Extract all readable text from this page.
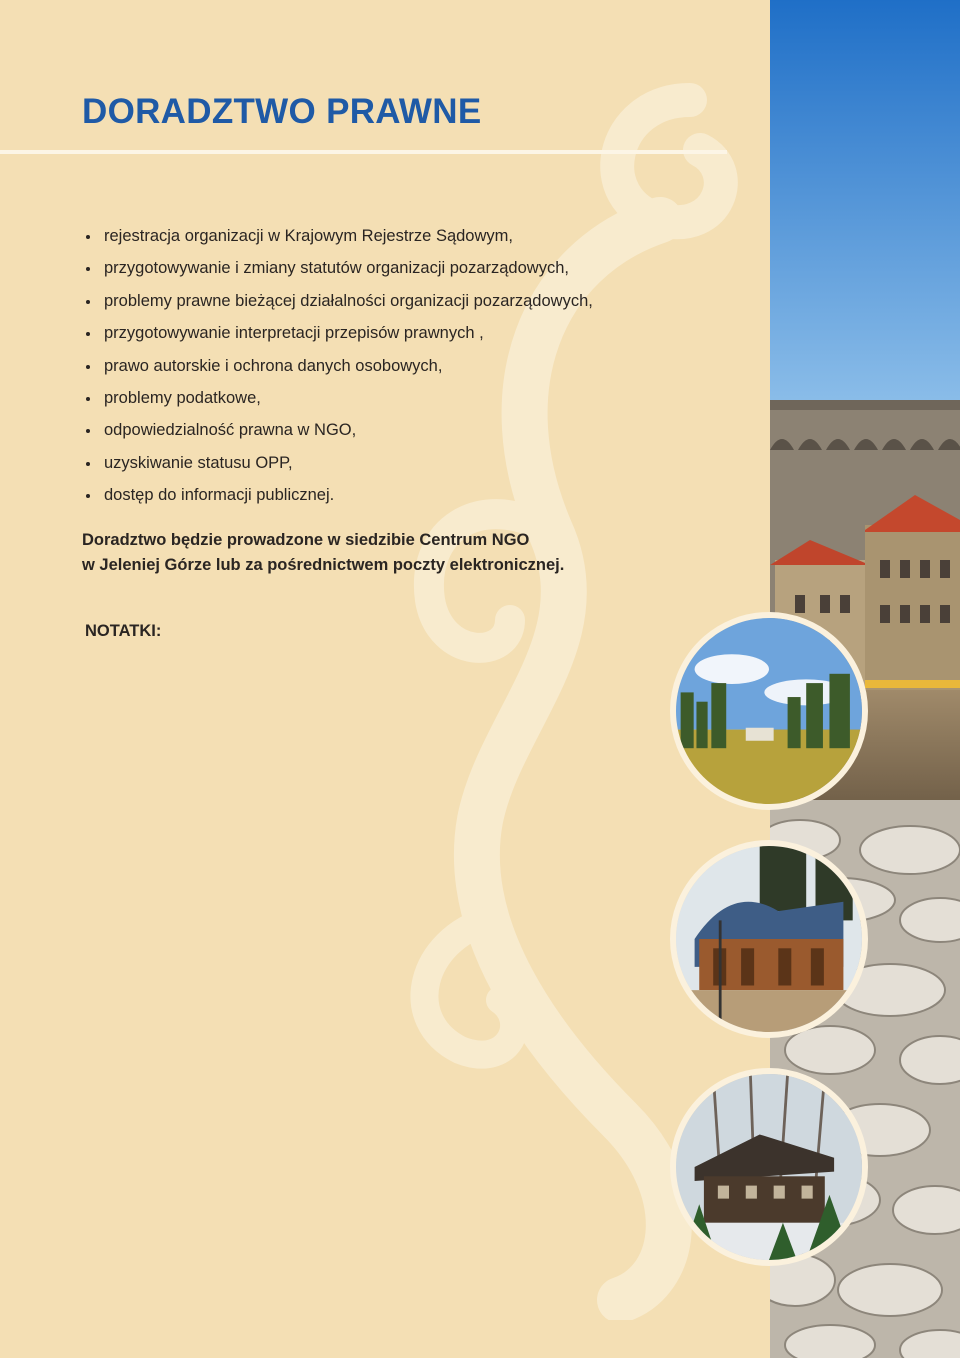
DORADZTWO PRAWNE
rejestracja organizacji w Krajowym Rejestrze Sądowym,
przygotowywanie i zmiany statutów organizacji pozarządowych,
problemy prawne bieżącej działalności organizacji pozarządowych,
przygotowywanie interpretacji przepisów prawnych ,
prawo autorskie i ochrona danych osobowych,
problemy podatkowe,
odpowiedzialność prawna w NGO,
uzyskiwanie statusu OPP,
dostęp do informacji publicznej.

Doradztwo będzie prowadzone w siedzibie Centrum NGO
w Jeleniej Górze lub za pośrednictwem poczty elektronicznej.

NOTATKI:
